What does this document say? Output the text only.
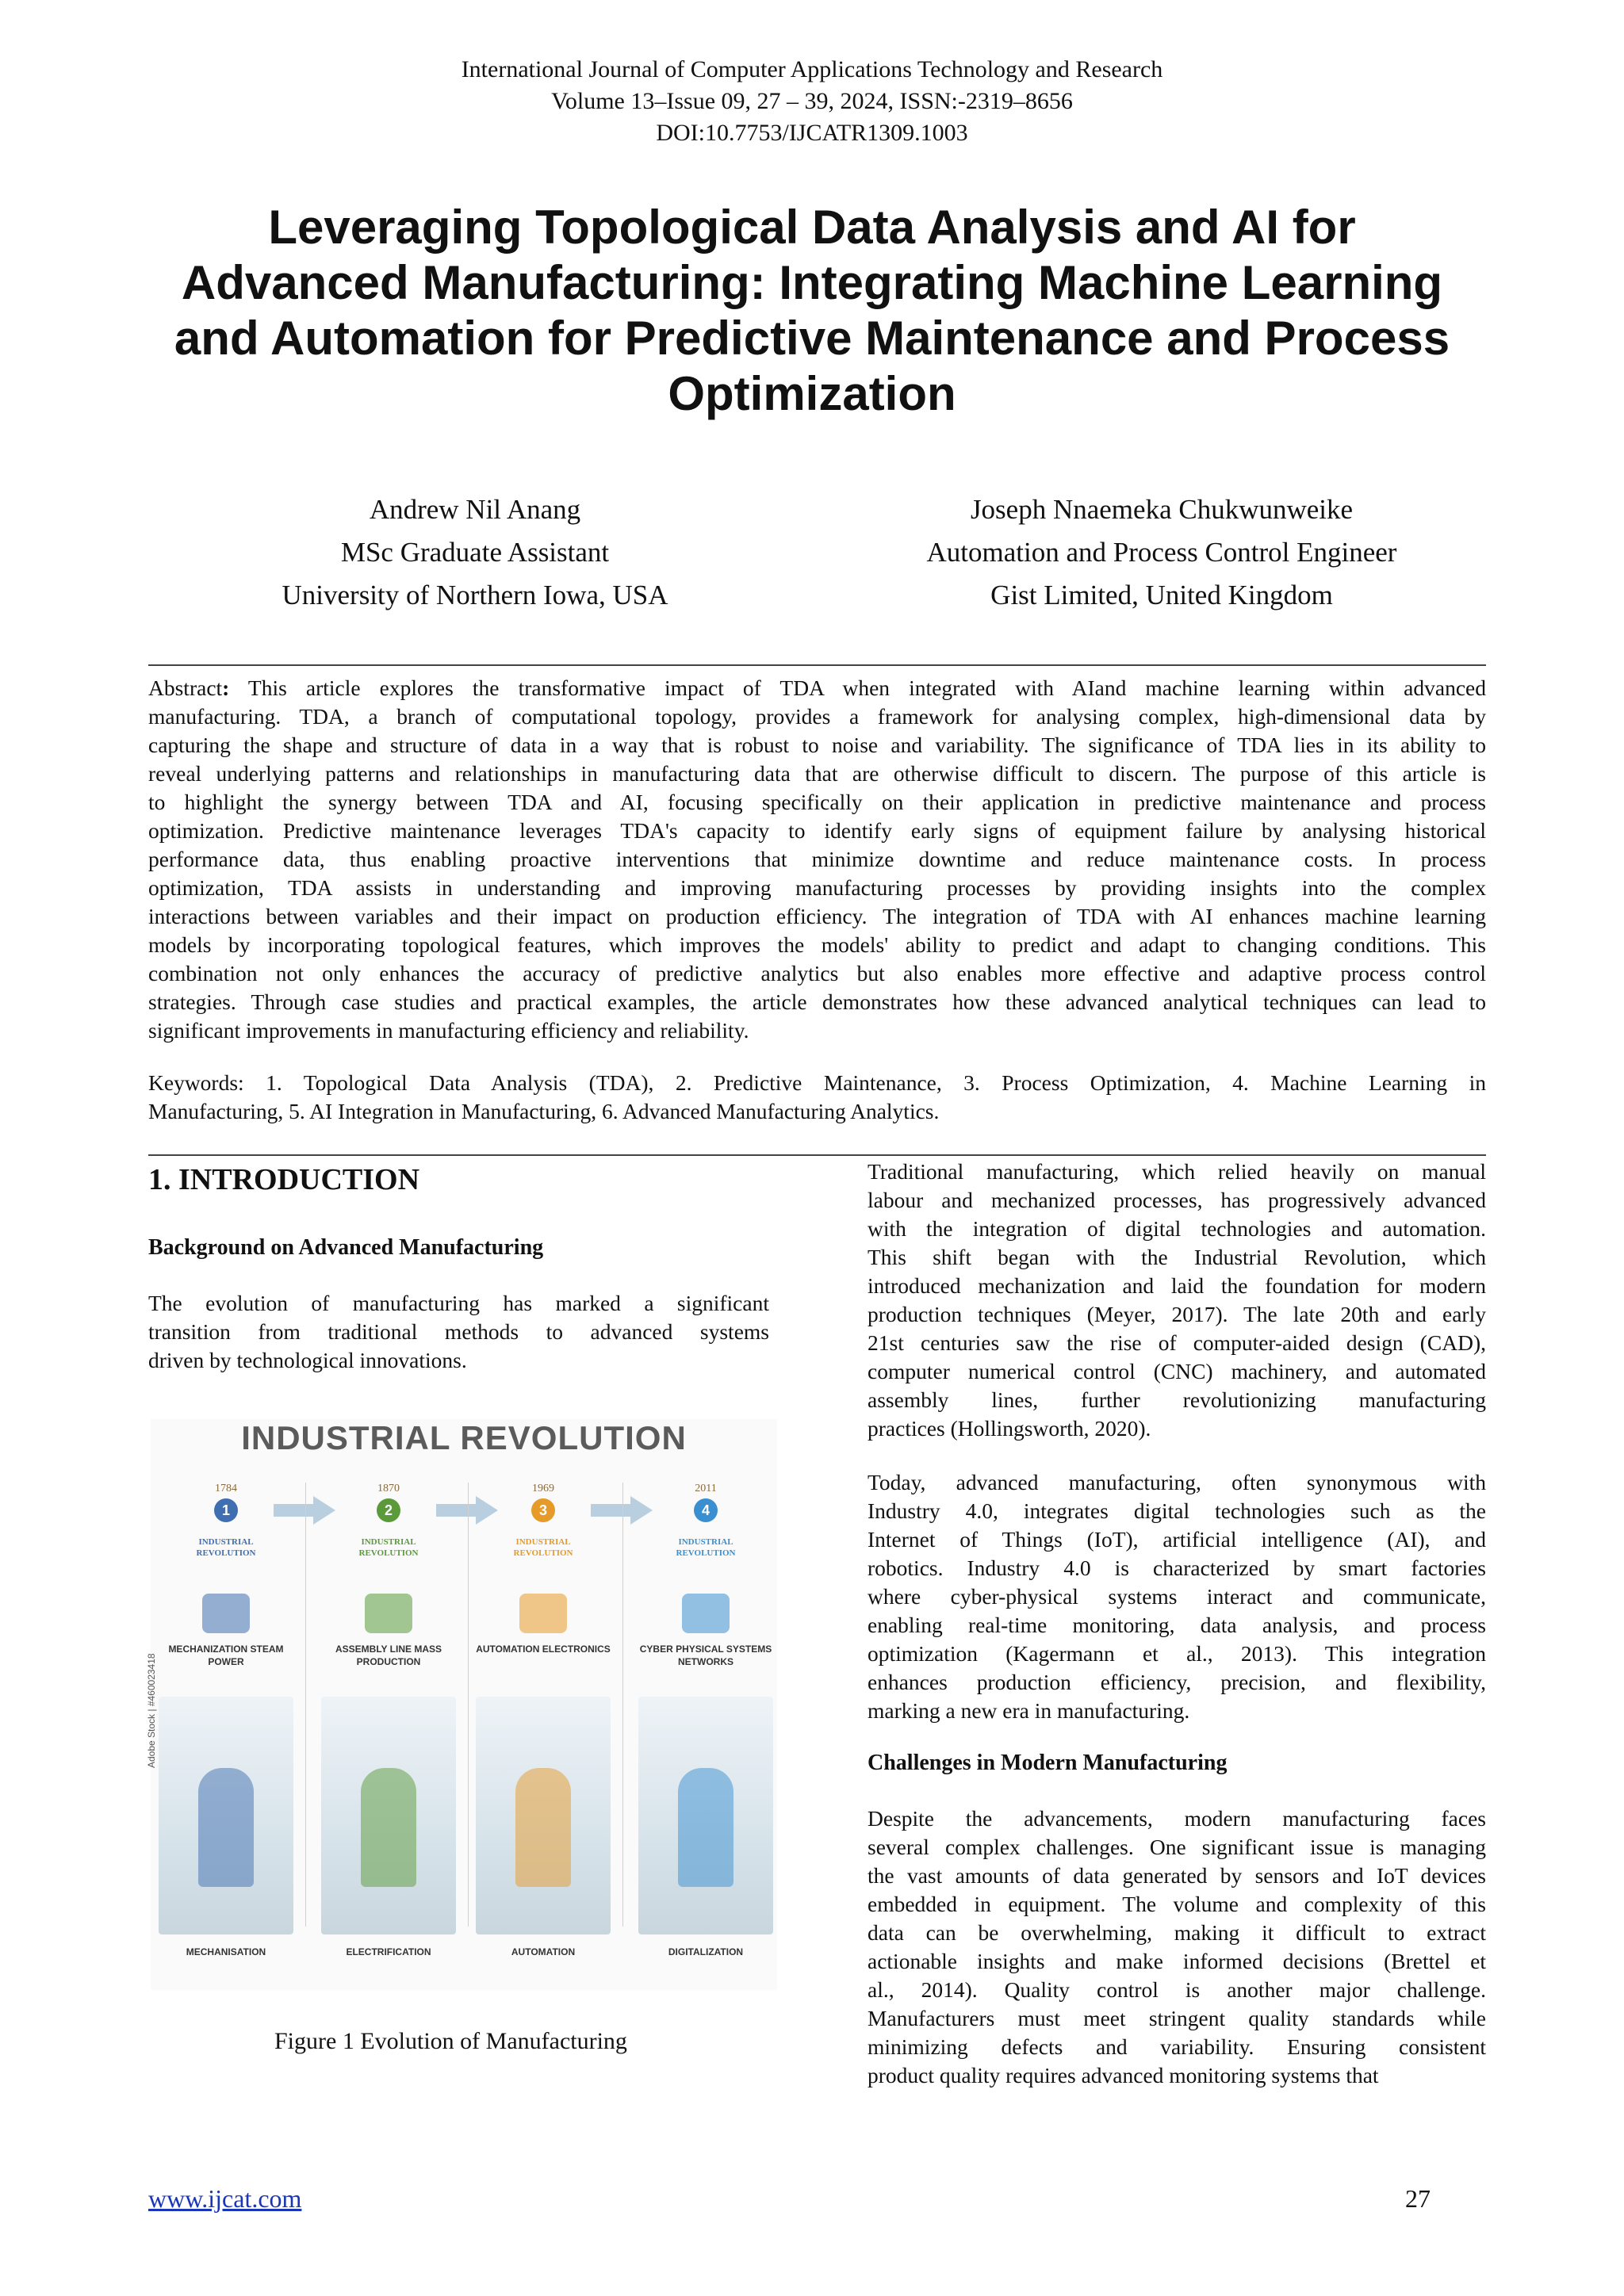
International Journal of Computer Applications Technology and Research
Volume 13–Issue 09, 27 – 39, 2024, ISSN:-2319–8656
DOI:10.7753/IJCATR1309.1003
Leveraging Topological Data Analysis and AI for
Advanced Manufacturing: Integrating Machine Learning
and Automation for Predictive Maintenance and Process
Optimization
Andrew Nil Anang
MSc Graduate Assistant
University of Northern Iowa, USA
Joseph Nnaemeka Chukwunweike
Automation and Process Control Engineer
Gist Limited, United Kingdom
Abstract: This article explores the transformative impact of TDA when integrated with AIand machine learning within advanced
manufacturing. TDA, a branch of computational topology, provides a framework for analysing complex, high-dimensional data by
capturing the shape and structure of data in a way that is robust to noise and variability. The significance of TDA lies in its ability to
reveal underlying patterns and relationships in manufacturing data that are otherwise difficult to discern. The purpose of this article is
to highlight the synergy between TDA and AI, focusing specifically on their application in predictive maintenance and process
optimization. Predictive maintenance leverages TDA's capacity to identify early signs of equipment failure by analysing historical
performance data, thus enabling proactive interventions that minimize downtime and reduce maintenance costs. In process
optimization, TDA assists in understanding and improving manufacturing processes by providing insights into the complex
interactions between variables and their impact on production efficiency. The integration of TDA with AI enhances machine learning
models by incorporating topological features, which improves the models' ability to predict and adapt to changing conditions. This
combination not only enhances the accuracy of predictive analytics but also enables more effective and adaptive process control
strategies. Through case studies and practical examples, the article demonstrates how these advanced analytical techniques can lead to
significant improvements in manufacturing efficiency and reliability.
Keywords: 1. Topological Data Analysis (TDA), 2. Predictive Maintenance, 3. Process Optimization, 4. Machine Learning in
Manufacturing, 5. AI Integration in Manufacturing, 6. Advanced Manufacturing Analytics.
1. INTRODUCTION
Background on Advanced Manufacturing
The evolution of manufacturing has marked a significant
transition from traditional methods to advanced systems
driven by technological innovations.
INDUSTRIAL REVOLUTION
Adobe Stock | #460023418
1784
1
INDUSTRIAL REVOLUTION
MECHANIZATION STEAM POWER
MECHANISATION
1870
2
INDUSTRIAL REVOLUTION
ASSEMBLY LINE MASS PRODUCTION
ELECTRIFICATION
1969
3
INDUSTRIAL REVOLUTION
AUTOMATION ELECTRONICS
AUTOMATION
2011
4
INDUSTRIAL REVOLUTION
CYBER PHYSICAL SYSTEMS NETWORKS
DIGITALIZATION
Figure 1 Evolution of Manufacturing
Traditional manufacturing, which relied heavily on manual
labour and mechanized processes, has progressively advanced
with the integration of digital technologies and automation.
This shift began with the Industrial Revolution, which
introduced mechanization and laid the foundation for modern
production techniques (Meyer, 2017). The late 20th and early
21st centuries saw the rise of computer-aided design (CAD),
computer numerical control (CNC) machinery, and automated
assembly lines, further revolutionizing manufacturing
practices (Hollingsworth, 2020).
Today, advanced manufacturing, often synonymous with
Industry 4.0, integrates digital technologies such as the
Internet of Things (IoT), artificial intelligence (AI), and
robotics. Industry 4.0 is characterized by smart factories
where cyber-physical systems interact and communicate,
enabling real-time monitoring, data analysis, and process
optimization (Kagermann et al., 2013). This integration
enhances production efficiency, precision, and flexibility,
marking a new era in manufacturing.
Challenges in Modern Manufacturing
Despite the advancements, modern manufacturing faces
several complex challenges. One significant issue is managing
the vast amounts of data generated by sensors and IoT devices
embedded in equipment. The volume and complexity of this
data can be overwhelming, making it difficult to extract
actionable insights and make informed decisions (Brettel et
al., 2014). Quality control is another major challenge.
Manufacturers must meet stringent quality standards while
minimizing defects and variability. Ensuring consistent
product quality requires advanced monitoring systems that
www.ijcat.com	27
